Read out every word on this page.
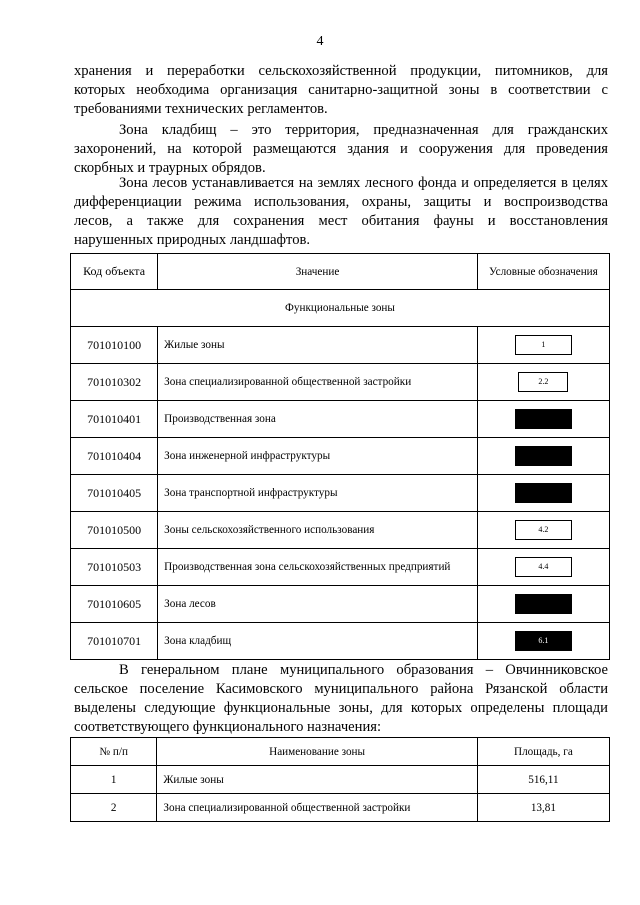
4
хранения и переработки сельскохозяйственной продукции, питомников, для
которых необходима организация санитарно-защитной зоны в соответствии с
требованиями технических регламентов.
Зона кладбищ – это территория, предназначенная для гражданских
захоронений, на которой размещаются здания и сооружения для проведения
скорбных и траурных обрядов.
Зона лесов устанавливается на землях лесного фонда и определяется в целях
дифференциации режима использования, охраны, защиты и воспроизводства
лесов, а также для сохранения мест обитания фауны и восстановления
нарушенных природных ландшафтов.
Код объекта	Значение	Условные обозначения
Функциональные зоны		
701010100	Жилые зоны	1
701010302	Зона специализированной общественной застройки	2.2
701010401	Производственная зона	
701010404	Зона инженерной инфраструктуры	
701010405	Зона транспортной инфраструктуры	
701010500	Зоны сельскохозяйственного использования	4.2
701010503	Производственная зона сельскохозяйственных предприятий	4.4
701010605	Зона лесов	
701010701	Зона кладбищ	6.1
В генеральном плане муниципального образования – Овчинниковское
сельское поселение Касимовского муниципального района Рязанской области
выделены следующие функциональные зоны, для которых определены площади
соответствующего функционального назначения:
№ п/п	Наименование зоны	Площадь, га
1	Жилые зоны	516,11
2	Зона специализированной общественной застройки	13,81
